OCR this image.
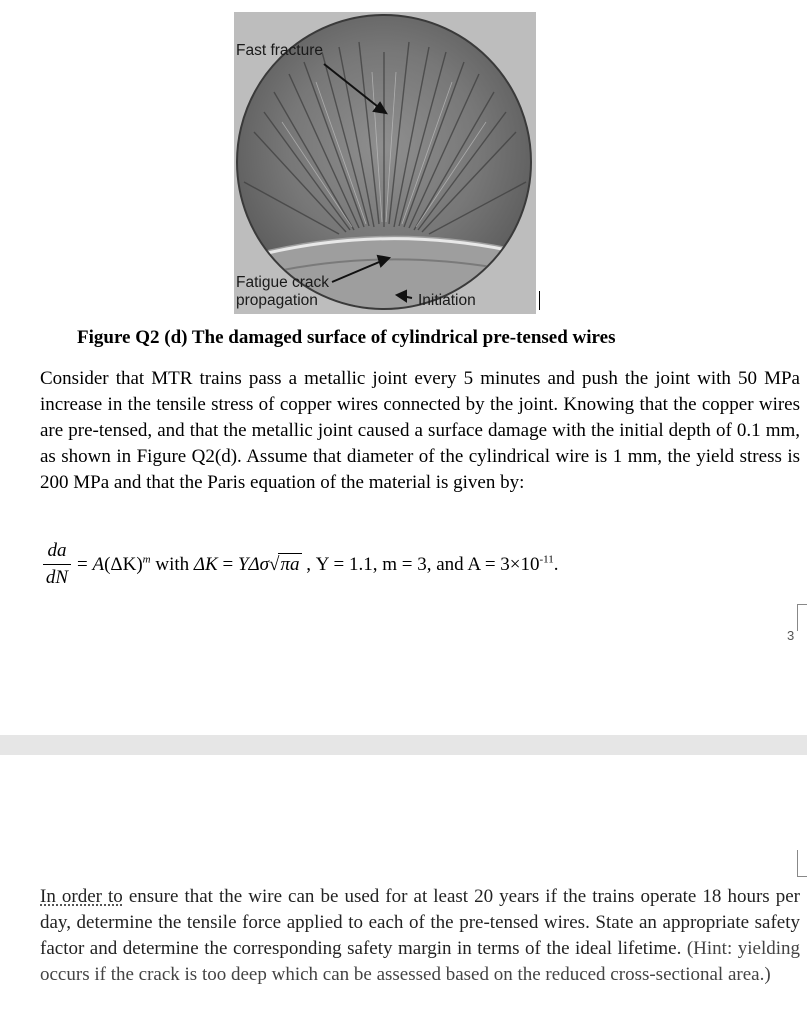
Fast fracture
Fatigue crack
propagation	Initiation
Figure Q2 (d) The damaged surface of cylindrical pre-tensed wires

Consider that MTR trains pass a metallic joint every 5 minutes and push the joint with 50 MPa increase in the tensile stress of copper wires connected by the joint. Knowing that the copper wires are pre-tensed, and that the metallic joint caused a surface damage with the initial depth of 0.1 mm, as shown in Figure Q2(d). Assume that diameter of the cylindrical wire is 1 mm, the yield stress is 200 MPa and that the Paris equation of the material is given by:

da
dN
= $A(\Delta K)^m$ with ΔK = YΔσ√πa , Y = 1.1, m = 3, and $A = 3\times 10^{-11}$.
3

In order to ensure that the wire can be used for at least 20 years if the trains operate 18 hours per day, determine the tensile force applied to each of the pre-tensed wires. State an appropriate safety factor and determine the corresponding safety margin in terms of the ideal lifetime. (Hint: yielding occurs if the crack is too deep which can be assessed based on the reduced cross-sectional area.)
